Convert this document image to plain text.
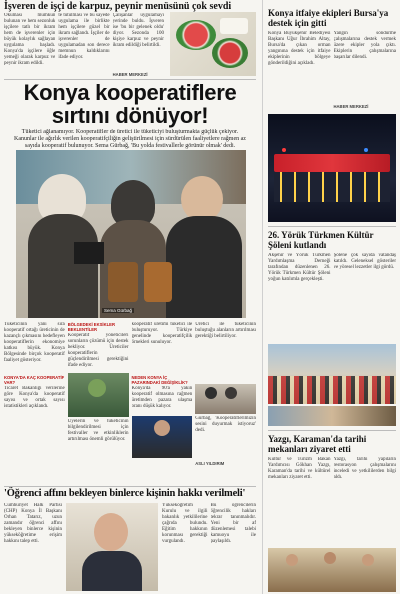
İşveren de işçi de karpuz, peynir menüsünü çok sevdi

Okuması mümkün bulunan ve hem sezonluk işçilere tatlı bir ikram hem de işverenler için büyük kolaylık sağlayan uygulama başladı. Konya'da işçilere öğle yemeği olarak karpuz ve peynir ikram edildi.

te tutulması ve bu sayede uygulama ile birlikte hem işçilere güzel bir ikram sağlandı. İşçiler de işverenler de uygulamadan son derece memnun kaldıklarını ifade ediyor.

Çalışanlar uygulamayı yerinde buldu. İşveren ise 'bu bir gelenek oldu' diyor. Sezonda 100 kişiye karpuz ve peynir ikram edildiği belirtildi.

HABER MERKEZİ
Konya kooperatiflere
sırtını dönüyor!

Tüketici ağlanamıyor. Kooperatifler de üretici ile tüketiciyi buluşturmakta güçlük çekiyor. Kanunlar ile ağırlık verilen kooperatifçiliğin geliştirilmesi için sürdürülen faaliyetlere rağmen az sayıda kooperatif bulunuyor. Sema Gürbağ, 'Bu yolda festivallerle görünür olmak' dedi.

Sema Gürbağ

Tüketicinin yanı sıra kooperatif ortağı üreticinin de kazançlı çıkmasını hedefleyen kooperatiflerin ekonomiye katkısı büyük. Konya Bölgesinde birçok kooperatif faaliyet gösteriyor.

KONYA'DA KAÇ KOOPERATİF VAR?

Ticaret Bakanlığı verilerine göre Konya'da kooperatif sayısı ve ortak sayısı istatistikleri açıklandı.

BÖLGEDEKİ EKSİKLER BEKLENTİLER

Kooperatif yöneticileri sorunların çözümü için destek bekliyor. Üreticiler kooperatiflerin güçlendirilmesi gerektiğini ifade ediyor.

Üyelerin ve tüketicinin bilgilendirilmesi için festivaller ve etkinliklerin artırılması önemli görülüyor.

kooperatif üretimi tüketici ile buluşturuyor. Türkiye genelinde kooperatifçilik örnekleri sunuluyor.

NEDEN KONYA İÇ PAZARINDAKİ DEĞİŞİKLİK?

Konya'da 90'a yakın kooperatif olmasına rağmen üretimden pazara ulaşma oranı düşük kalıyor.

Üretici ile tüketicinin buluştuğu alanların artırılması gerektiği belirtiliyor.

Gürbağ, 'Kooperatiflerimizin sesini duyurmak istiyoruz' dedi.

ASLI YILDIRIM
'Öğrenci affını bekleyen binlerce kişinin hakkı verilmeli'

Cumhuriyet Halk Partisi (CHP) Konya İl Başkanı Orhan Tatarız, uzun zamandır öğrenci affını bekleyen binlerce kişinin yükseköğretime erişim hakkını talep etti.

Yükseköğretim Kurulu ve ilgili bakanlık yetkililerine çağrıda bulundu. Eğitim hakkının korunması gerektiği vurgulandı.

Bu öğrencilerin öğrencilik hakları tekrar tanınmalıdır. Yeni bir af düzenlemesi talebi kamuoyu ile paylaşıldı.

Konya itfaiye ekipleri Bursa'ya destek için gitti

Konya Büyükşehir Belediyesi Başkanı Uğur İbrahim Altay, Bursa'da çıkan orman yangınına destek için itfaiye ekiplerinin bölgeye gönderildiğini açıkladı.

Yangın söndürme çalışmalarına destek vermek üzere ekipler yola çıktı. Ekiplerin çalışmalarına başarılar dilendi.

HABER MERKEZİ
26. Yörük Türkmen Kültür Şöleni kutlandı

Akşehir ve Yörük Türkmen Yardımlaşma Derneği tarafından düzenlenen 26. Yörük Türkmen Kültür Şöleni yoğun katılımla gerçekleşti.

Şölene çok sayıda vatandaş katıldı. Geleneksel gösteriler ve yöresel lezzetler ilgi gördü.

Yazgı, Karaman'da tarihi mekanları ziyaret etti

Kültür ve Turizm Bakan Yardımcısı Gökhan Yazgı, Karaman'da tarihi ve kültürel mekanları ziyaret etti.

Yazgı, tarihi yapıların restorasyon çalışmalarını inceledi ve yetkililerden bilgi aldı.
